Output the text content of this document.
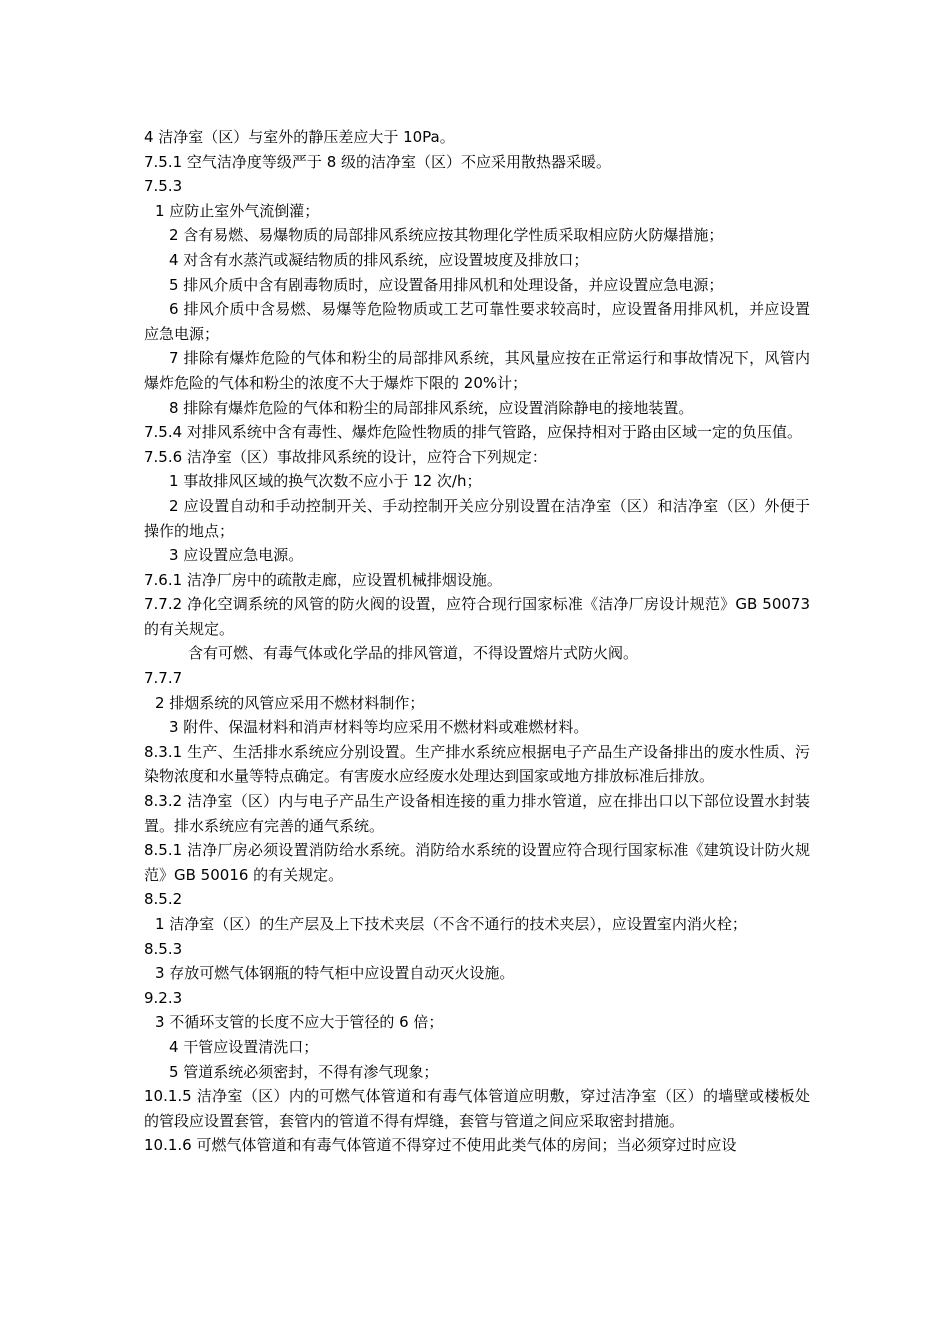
4 洁净室（区）与室外的静压差应大于 10Pa。

7.5.1 空气洁净度等级严于 8 级的洁净室（区）不应采用散热器采暖。

7.5.3

1 应防止室外气流倒灌；

2 含有易燃、易爆物质的局部排风系统应按其物理化学性质采取相应防火防爆措施；

4 对含有水蒸汽或凝结物质的排风系统，应设置坡度及排放口；

5 排风介质中含有剧毒物质时，应设置备用排风机和处理设备，并应设置应急电源；

6 排风介质中含易燃、易爆等危险物质或工艺可靠性要求较高时，应设置备用排风机，并应设置应急电源；

7 排除有爆炸危险的气体和粉尘的局部排风系统，其风量应按在正常运行和事故情况下，风管内爆炸危险的气体和粉尘的浓度不大于爆炸下限的 20%计；

8 排除有爆炸危险的气体和粉尘的局部排风系统，应设置消除静电的接地装置。

7.5.4 对排风系统中含有毒性、爆炸危险性物质的排气管路，应保持相对于路由区域一定的负压值。

7.5.6 洁净室（区）事故排风系统的设计，应符合下列规定：

1 事故排风区域的换气次数不应小于 12 次/h；

2 应设置自动和手动控制开关、手动控制开关应分别设置在洁净室（区）和洁净室（区）外便于操作的地点；

3 应设置应急电源。

7.6.1 洁净厂房中的疏散走廊，应设置机械排烟设施。

7.7.2 净化空调系统的风管的防火阀的设置，应符合现行国家标准《洁净厂房设计规范》GB 50073 的有关规定。

含有可燃、有毒气体或化学品的排风管道，不得设置熔片式防火阀。

7.7.7

2 排烟系统的风管应采用不燃材料制作；

3 附件、保温材料和消声材料等均应采用不燃材料或难燃材料。

8.3.1 生产、生活排水系统应分别设置。生产排水系统应根据电子产品生产设备排出的废水性质、污染物浓度和水量等特点确定。有害废水应经废水处理达到国家或地方排放标准后排放。

8.3.2 洁净室（区）内与电子产品生产设备相连接的重力排水管道，应在排出口以下部位设置水封装置。排水系统应有完善的通气系统。

8.5.1 洁净厂房必须设置消防给水系统。消防给水系统的设置应符合现行国家标准《建筑设计防火规范》GB 50016 的有关规定。

8.5.2

1 洁净室（区）的生产层及上下技术夹层（不含不通行的技术夹层），应设置室内消火栓；

8.5.3

3 存放可燃气体钢瓶的特气柜中应设置自动灭火设施。

9.2.3

3 不循环支管的长度不应大于管径的 6 倍；

4 干管应设置清洗口；

5 管道系统必须密封，不得有渗气现象；

10.1.5 洁净室（区）内的可燃气体管道和有毒气体管道应明敷，穿过洁净室（区）的墙壁或楼板处的管段应设置套管，套管内的管道不得有焊缝，套管与管道之间应采取密封措施。

10.1.6 可燃气体管道和有毒气体管道不得穿过不使用此类气体的房间；当必须穿过时应设
